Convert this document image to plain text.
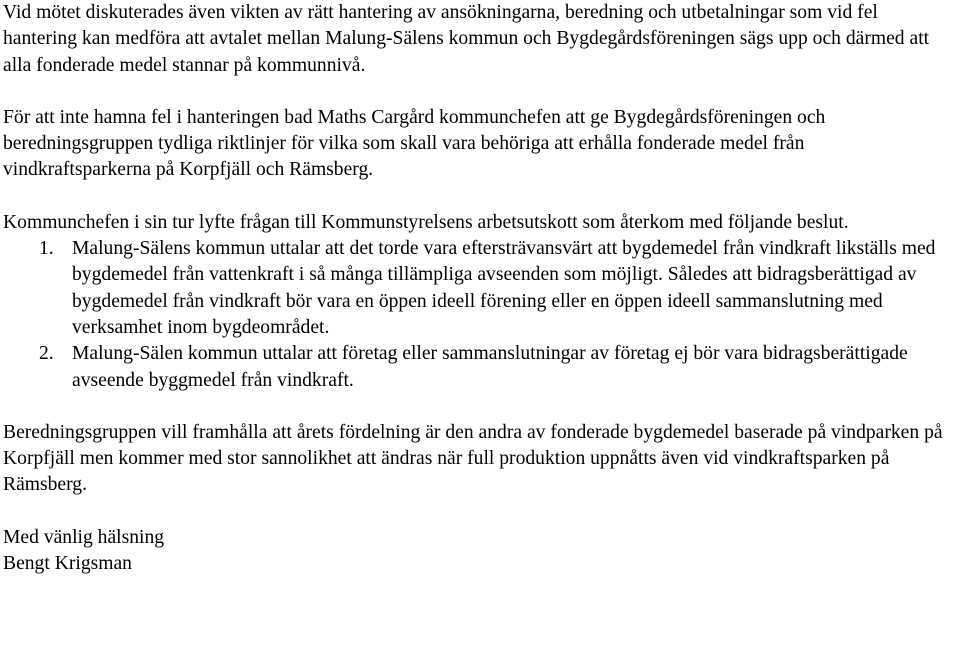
Vid mötet diskuterades även vikten av rätt hantering av ansökningarna, beredning och utbetalningar som vid fel hantering kan medföra att avtalet mellan Malung-Sälens kommun och Bygdegårdsföreningen sägs upp och därmed att alla fonderade medel stannar på kommunnivå.

För att inte hamna fel i hanteringen bad Maths Cargård kommunchefen att ge Bygdegårdsföreningen och beredningsgruppen tydliga riktlinjer för vilka som skall vara behöriga att erhålla fonderade medel från vindkraftsparkerna på Korpfjäll och Rämsberg.

Kommunchefen i sin tur lyfte frågan till Kommunstyrelsens arbetsutskott som återkom med följande beslut.

1. Malung-Sälens kommun uttalar att det torde vara eftersträvansvärt att bygdemedel från vindkraft likställs med bygdemedel från vattenkraft i så många tillämpliga avseenden som möjligt. Således att bidragsberättigad av bygdemedel från vindkraft bör vara en öppen ideell förening eller en öppen ideell sammanslutning med verksamhet inom bygdeområdet.
2. Malung-Sälen kommun uttalar att företag eller sammanslutningar av företag ej bör vara bidragsberättigade avseende byggmedel från vindkraft.

Beredningsgruppen vill framhålla att årets fördelning är den andra av fonderade bygdemedel baserade på vindparken på Korpfjäll men kommer med stor sannolikhet att ändras när full produktion uppnåtts även vid vindkraftsparken på Rämsberg.

Med vänlig hälsning
Bengt Krigsman
